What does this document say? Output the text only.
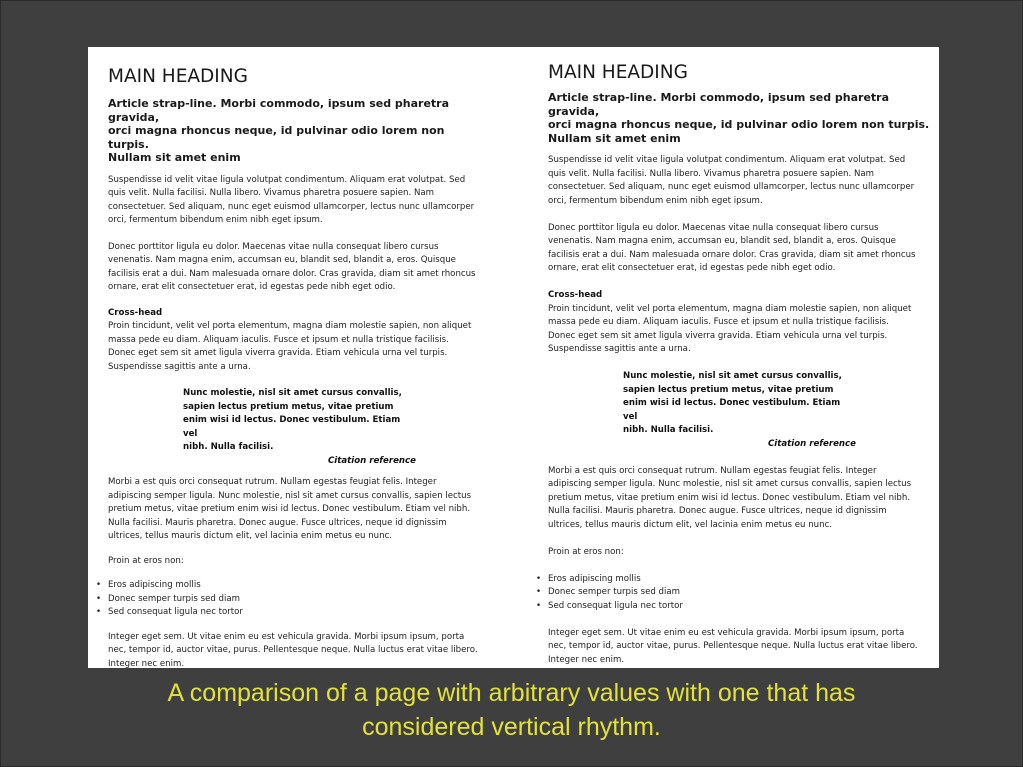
MAIN HEADING

Article strap-line. Morbi commodo, ipsum sed pharetra gravida,
orci magna rhoncus neque, id pulvinar odio lorem non turpis.
Nullam sit amet enim

Suspendisse id velit vitae ligula volutpat condimentum. Aliquam erat volutpat. Sed
quis velit. Nulla facilisi. Nulla libero. Vivamus pharetra posuere sapien. Nam
consectetuer. Sed aliquam, nunc eget euismod ullamcorper, lectus nunc ullamcorper
orci, fermentum bibendum enim nibh eget ipsum.

Donec porttitor ligula eu dolor. Maecenas vitae nulla consequat libero cursus
venenatis. Nam magna enim, accumsan eu, blandit sed, blandit a, eros. Quisque
facilisis erat a dui. Nam malesuada ornare dolor. Cras gravida, diam sit amet rhoncus
ornare, erat elit consectetuer erat, id egestas pede nibh eget odio.

Cross-head

Proin tincidunt, velit vel porta elementum, magna diam molestie sapien, non aliquet
massa pede eu diam. Aliquam iaculis. Fusce et ipsum et nulla tristique facilisis.
Donec eget sem sit amet ligula viverra gravida. Etiam vehicula urna vel turpis.
Suspendisse sagittis ante a urna.

Nunc molestie, nisl sit amet cursus convallis,
sapien lectus pretium metus, vitae pretium
enim wisi id lectus. Donec vestibulum. Etiam vel
nibh. Nulla facilisi.

Citation reference

Morbi a est quis orci consequat rutrum. Nullam egestas feugiat felis. Integer
adipiscing semper ligula. Nunc molestie, nisl sit amet cursus convallis, sapien lectus
pretium metus, vitae pretium enim wisi id lectus. Donec vestibulum. Etiam vel nibh.
Nulla facilisi. Mauris pharetra. Donec augue. Fusce ultrices, neque id dignissim
ultrices, tellus mauris dictum elit, vel lacinia enim metus eu nunc.

Proin at eros non:

• Eros adipiscing mollis
• Donec semper turpis sed diam
• Sed consequat ligula nec tortor

Integer eget sem. Ut vitae enim eu est vehicula gravida. Morbi ipsum ipsum, porta
nec, tempor id, auctor vitae, purus. Pellentesque neque. Nulla luctus erat vitae libero.
Integer nec enim.

MAIN HEADING

Article strap-line. Morbi commodo, ipsum sed pharetra gravida,
orci magna rhoncus neque, id pulvinar odio lorem non turpis.
Nullam sit amet enim

Suspendisse id velit vitae ligula volutpat condimentum. Aliquam erat volutpat. Sed
quis velit. Nulla facilisi. Nulla libero. Vivamus pharetra posuere sapien. Nam
consectetuer. Sed aliquam, nunc eget euismod ullamcorper, lectus nunc ullamcorper
orci, fermentum bibendum enim nibh eget ipsum.

Donec porttitor ligula eu dolor. Maecenas vitae nulla consequat libero cursus
venenatis. Nam magna enim, accumsan eu, blandit sed, blandit a, eros. Quisque
facilisis erat a dui. Nam malesuada ornare dolor. Cras gravida, diam sit amet rhoncus
ornare, erat elit consectetuer erat, id egestas pede nibh eget odio.

Cross-head

Proin tincidunt, velit vel porta elementum, magna diam molestie sapien, non aliquet
massa pede eu diam. Aliquam iaculis. Fusce et ipsum et nulla tristique facilisis.
Donec eget sem sit amet ligula viverra gravida. Etiam vehicula urna vel turpis.
Suspendisse sagittis ante a urna.

Nunc molestie, nisl sit amet cursus convallis,
sapien lectus pretium metus, vitae pretium
enim wisi id lectus. Donec vestibulum. Etiam vel
nibh. Nulla facilisi.

Citation reference

Morbi a est quis orci consequat rutrum. Nullam egestas feugiat felis. Integer
adipiscing semper ligula. Nunc molestie, nisl sit amet cursus convallis, sapien lectus
pretium metus, vitae pretium enim wisi id lectus. Donec vestibulum. Etiam vel nibh.
Nulla facilisi. Mauris pharetra. Donec augue. Fusce ultrices, neque id dignissim
ultrices, tellus mauris dictum elit, vel lacinia enim metus eu nunc.

Proin at eros non:

• Eros adipiscing mollis
• Donec semper turpis sed diam
• Sed consequat ligula nec tortor

Integer eget sem. Ut vitae enim eu est vehicula gravida. Morbi ipsum ipsum, porta
nec, tempor id, auctor vitae, purus. Pellentesque neque. Nulla luctus erat vitae libero.
Integer nec enim.

A comparison of a page with arbitrary values with one that has
considered vertical rhythm.
